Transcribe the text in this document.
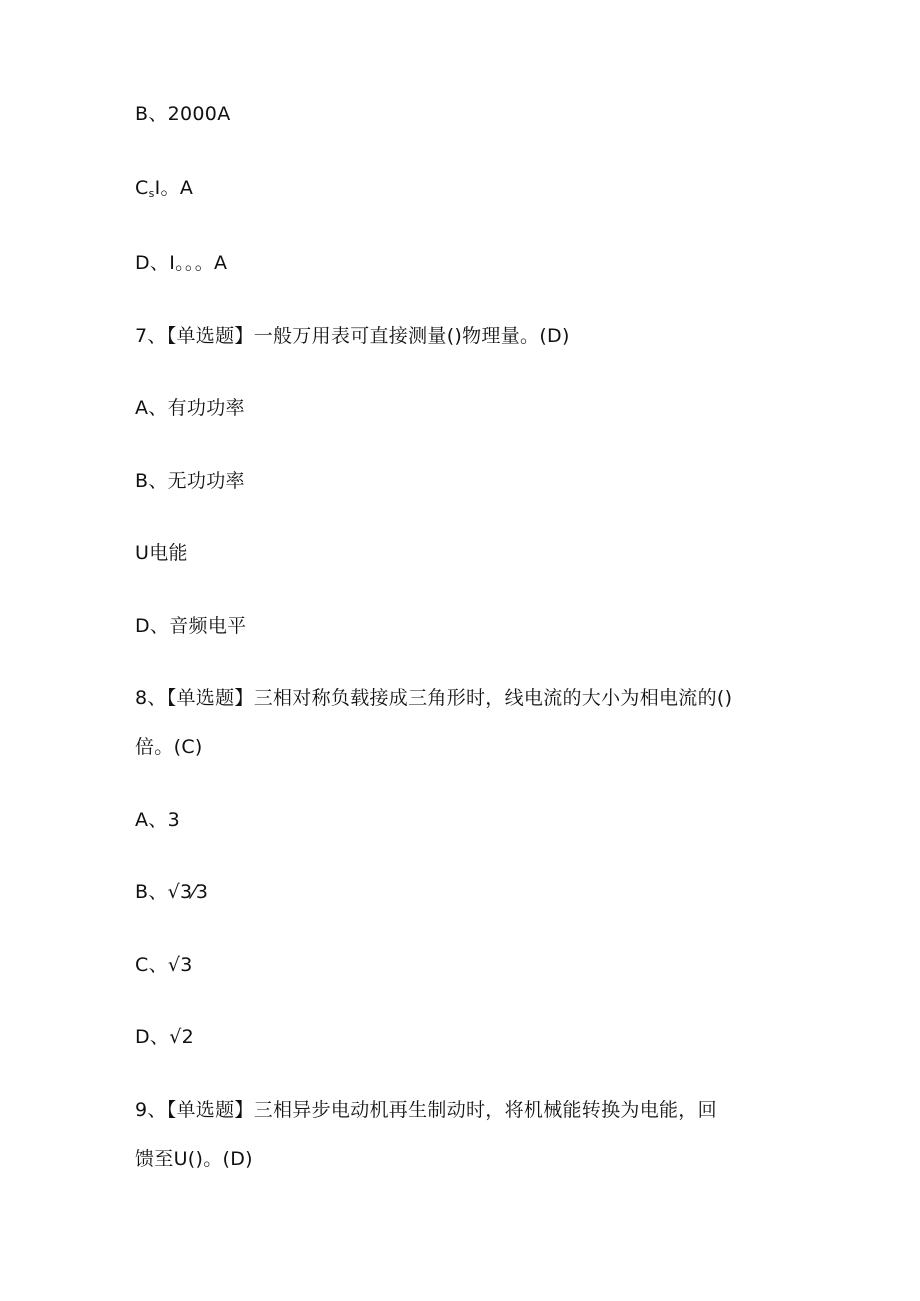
B、2000A
$C_sI$。A
D、I。。。A
7、【单选题】一般万用表可直接测量()物理量。(D)
A、有功功率
B、无功功率
U电能
D、音频电平
8、【单选题】三相对称负载接成三角形时，线电流的大小为相电流的()
倍。(C)
A、3
B、√3⁄3
C、√3
D、√2
9、【单选题】三相异步电动机再生制动时，将机械能转换为电能，回
馈至U()。(D)
